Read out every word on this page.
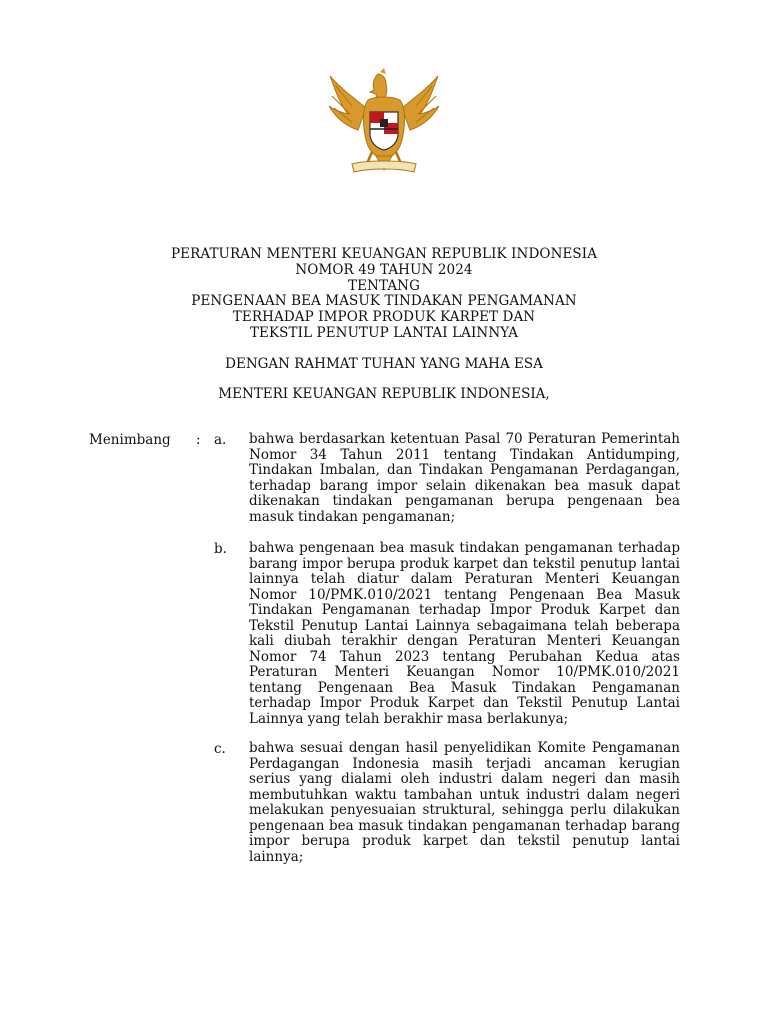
PERATURAN MENTERI KEUANGAN REPUBLIK INDONESIA
NOMOR 49 TAHUN 2024
TENTANG
PENGENAAN BEA MASUK TINDAKAN PENGAMANAN
TERHADAP IMPOR PRODUK KARPET DAN
TEKSTIL PENUTUP LANTAI LAINNYA
DENGAN RAHMAT TUHAN YANG MAHA ESA
MENTERI KEUANGAN REPUBLIK INDONESIA,
Menimbang : a. bahwa berdasarkan ketentuan Pasal 70 Peraturan Pemerintah Nomor 34 Tahun 2011 tentang Tindakan Antidumping, Tindakan Imbalan, dan Tindakan Pengamanan Perdagangan, terhadap barang impor selain dikenakan bea masuk dapat dikenakan tindakan pengamanan berupa pengenaan bea masuk tindakan pengamanan;
b. bahwa pengenaan bea masuk tindakan pengamanan terhadap barang impor berupa produk karpet dan tekstil penutup lantai lainnya telah diatur dalam Peraturan Menteri Keuangan Nomor 10/PMK.010/2021 tentang Pengenaan Bea Masuk Tindakan Pengamanan terhadap Impor Produk Karpet dan Tekstil Penutup Lantai Lainnya sebagaimana telah beberapa kali diubah terakhir dengan Peraturan Menteri Keuangan Nomor 74 Tahun 2023 tentang Perubahan Kedua atas Peraturan Menteri Keuangan Nomor 10/PMK.010/2021 tentang Pengenaan Bea Masuk Tindakan Pengamanan terhadap Impor Produk Karpet dan Tekstil Penutup Lantai Lainnya yang telah berakhir masa berlakunya;
c. bahwa sesuai dengan hasil penyelidikan Komite Pengamanan Perdagangan Indonesia masih terjadi ancaman kerugian serius yang dialami oleh industri dalam negeri dan masih membutuhkan waktu tambahan untuk industri dalam negeri melakukan penyesuaian struktural, sehingga perlu dilakukan pengenaan bea masuk tindakan pengamanan terhadap barang impor berupa produk karpet dan tekstil penutup lantai lainnya;
